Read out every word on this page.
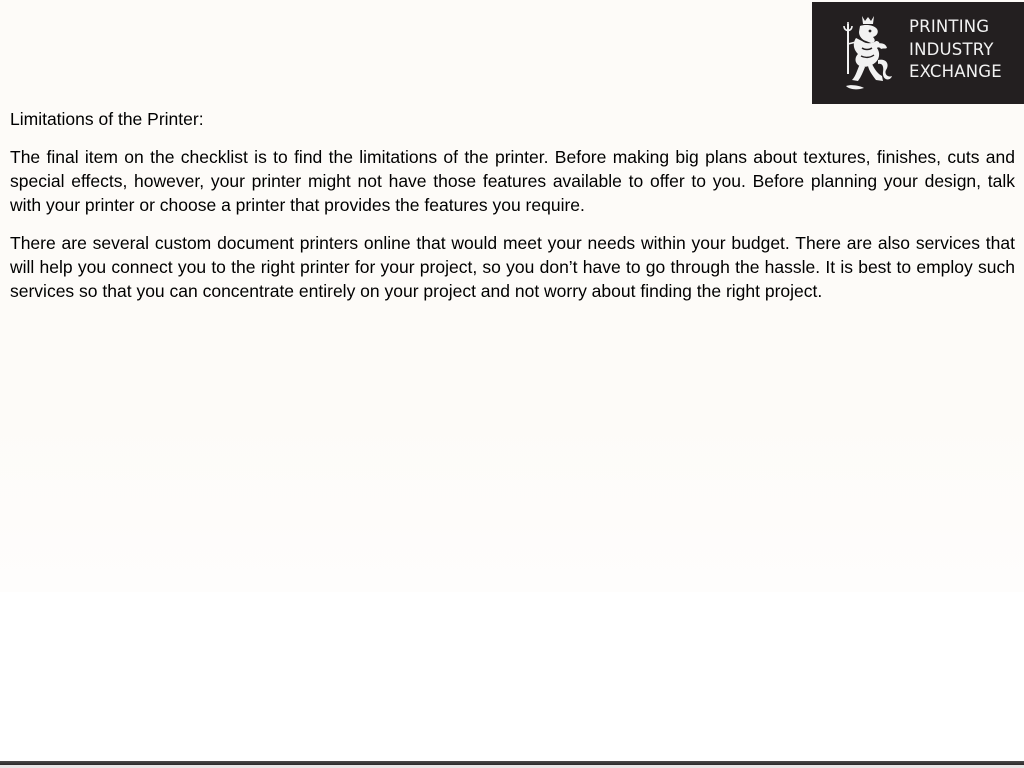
PRINTING
INDUSTRY
EXCHANGE

Limitations of the Printer:

The final item on the checklist is to find the limitations of the printer. Before making big plans about textures, finishes, cuts and special effects, however, your printer might not have those features available to offer to you. Before planning your design, talk with your printer or choose a printer that provides the features you require.

There are several custom document printers online that would meet your needs within your budget. There are also services that will help you connect you to the right printer for your project, so you don’t have to go through the hassle. It is best to employ such services so that you can concentrate entirely on your project and not worry about finding the right project.
